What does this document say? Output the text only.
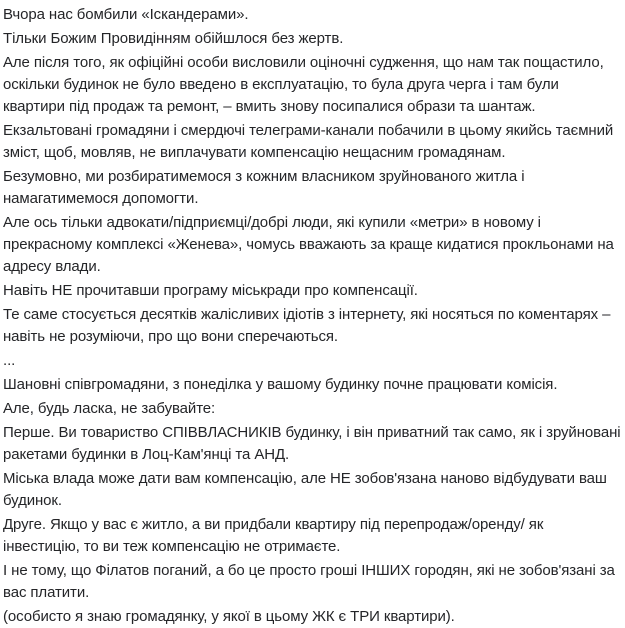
Вчора нас бомбили «Іскандерами».

Тільки Божим Провидінням обійшлося без жертв.

Але після того, як офіційні особи висловили оціночні судження, що нам так пощастило, оскільки будинок не було введено в експлуатацію, то була друга черга і там були квартири під продаж та ремонт, – вмить знову посипалися образи та шантаж.

Екзальтовані громадяни і смердючі телеграми-канали побачили в цьому якийсь таємний зміст, щоб, мовляв, не виплачувати компенсацію нещасним громадянам.

Безумовно, ми розбиратимемося з кожним власником зруйнованого житла і намагатимемося допомогти.

Але ось тільки адвокати/підприємці/добрі люди, які купили «метри» в новому і прекрасному комплексі «Женева», чомусь вважають за краще кидатися прокльонами на адресу влади.

Навіть НЕ прочитавши програму міськради про компенсації.

Те саме стосується десятків жалісливих ідіотів з інтернету, які носяться по коментарях – навіть не розуміючи, про що вони сперечаються.

...

Шановні співгромадяни, з понеділка у вашому будинку почне працювати комісія.

Але, будь ласка, не забувайте:

Перше. Ви товариство СПІВВЛАСНИКІВ будинку, і він приватний так само, як і зруйновані ракетами будинки в Лоц-Кам'янці та АНД.

Міська влада може дати вам компенсацію, але НЕ зобов'язана наново відбудувати ваш будинок.

Друге. Якщо у вас є житло, а ви придбали квартиру під перепродаж/оренду/ як інвестицію, то ви теж компенсацію не отримаєте.

І не тому, що Філатов поганий, а бо це просто гроші ІНШИХ городян, які не зобов'язані за вас платити.

(особисто я знаю громадянку, у якої в цьому ЖК є ТРИ квартири).
